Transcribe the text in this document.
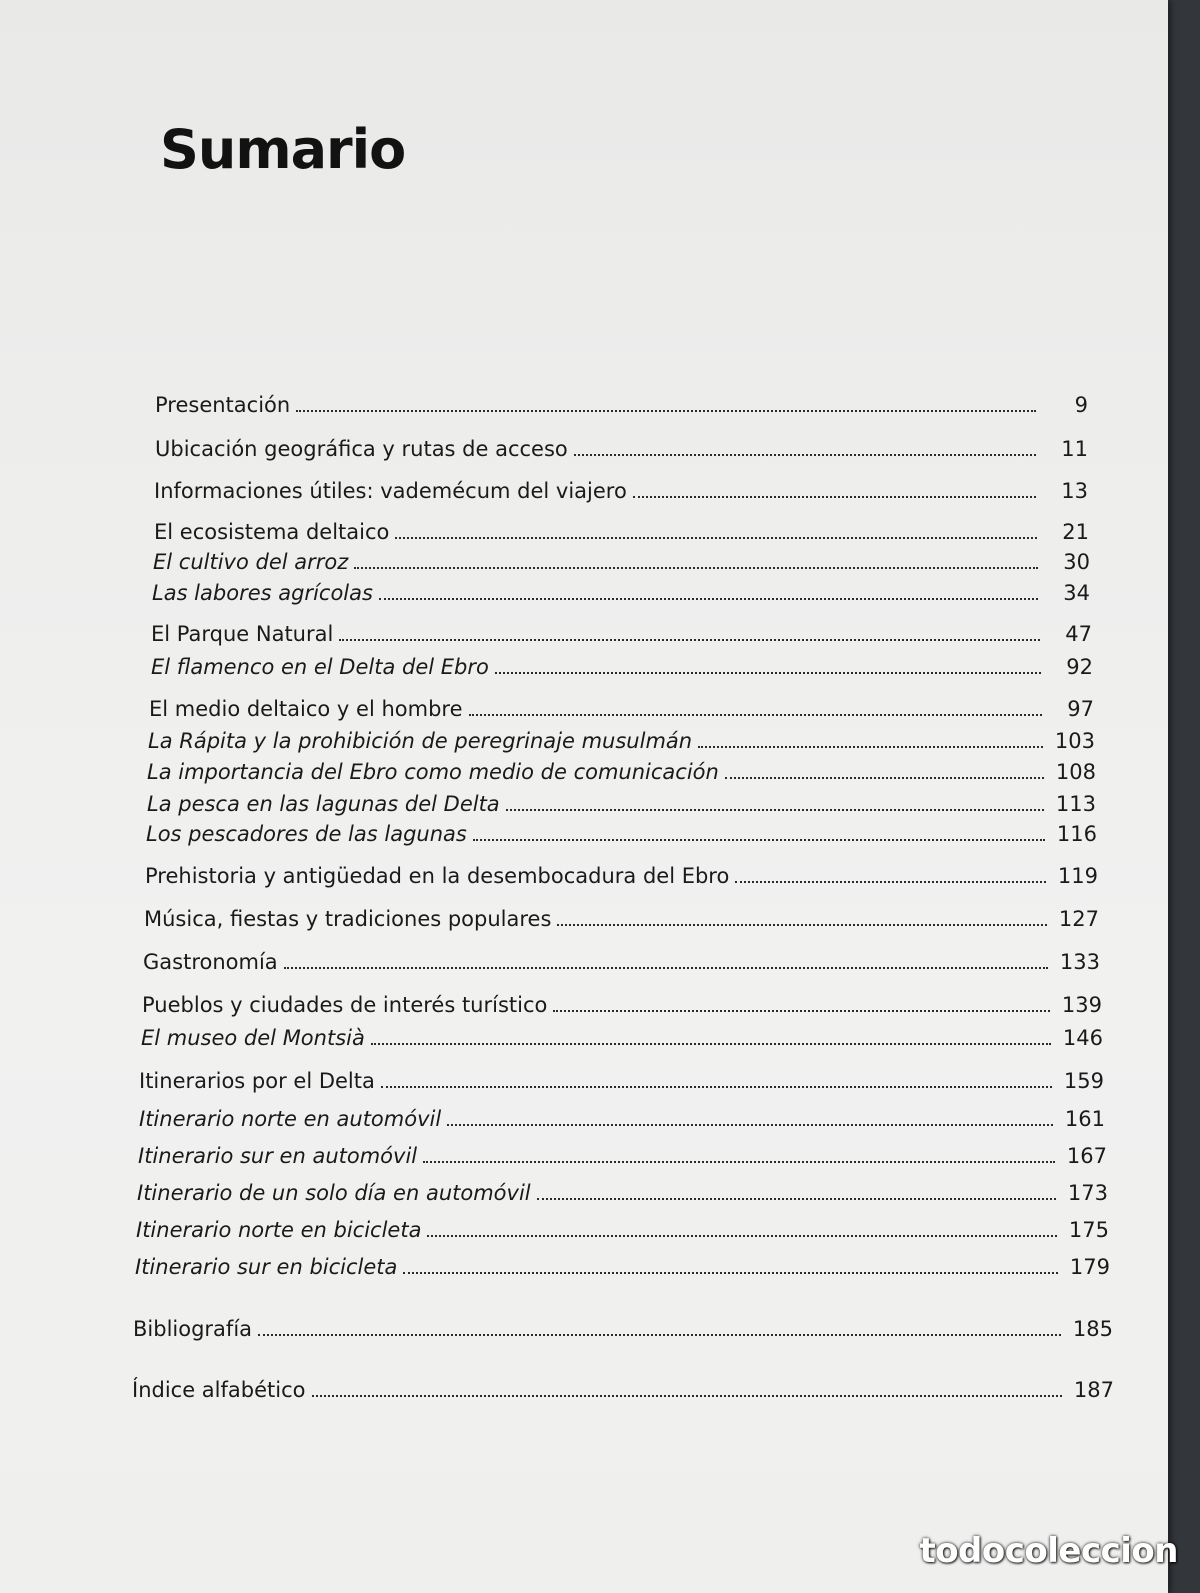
Sumario
Presentación	9
Ubicación geográfica y rutas de acceso	11
Informaciones útiles: vademécum del viajero	13
El ecosistema deltaico	21
El cultivo del arroz	30
Las labores agrícolas	34
El Parque Natural	47
El flamenco en el Delta del Ebro	92
El medio deltaico y el hombre	97
La Rápita y la prohibición de peregrinaje musulmán	103
La importancia del Ebro como medio de comunicación	108
La pesca en las lagunas del Delta	113
Los pescadores de las lagunas	116
Prehistoria y antigüedad en la desembocadura del Ebro	119
Música, fiestas y tradiciones populares	127
Gastronomía	133
Pueblos y ciudades de interés turístico	139
El museo del Montsià	146
Itinerarios por el Delta	159
Itinerario norte en automóvil	161
Itinerario sur en automóvil	167
Itinerario de un solo día en automóvil	173
Itinerario norte en bicicleta	175
Itinerario sur en bicicleta	179
Bibliografía	185
Índice alfabético	187
todocoleccion
